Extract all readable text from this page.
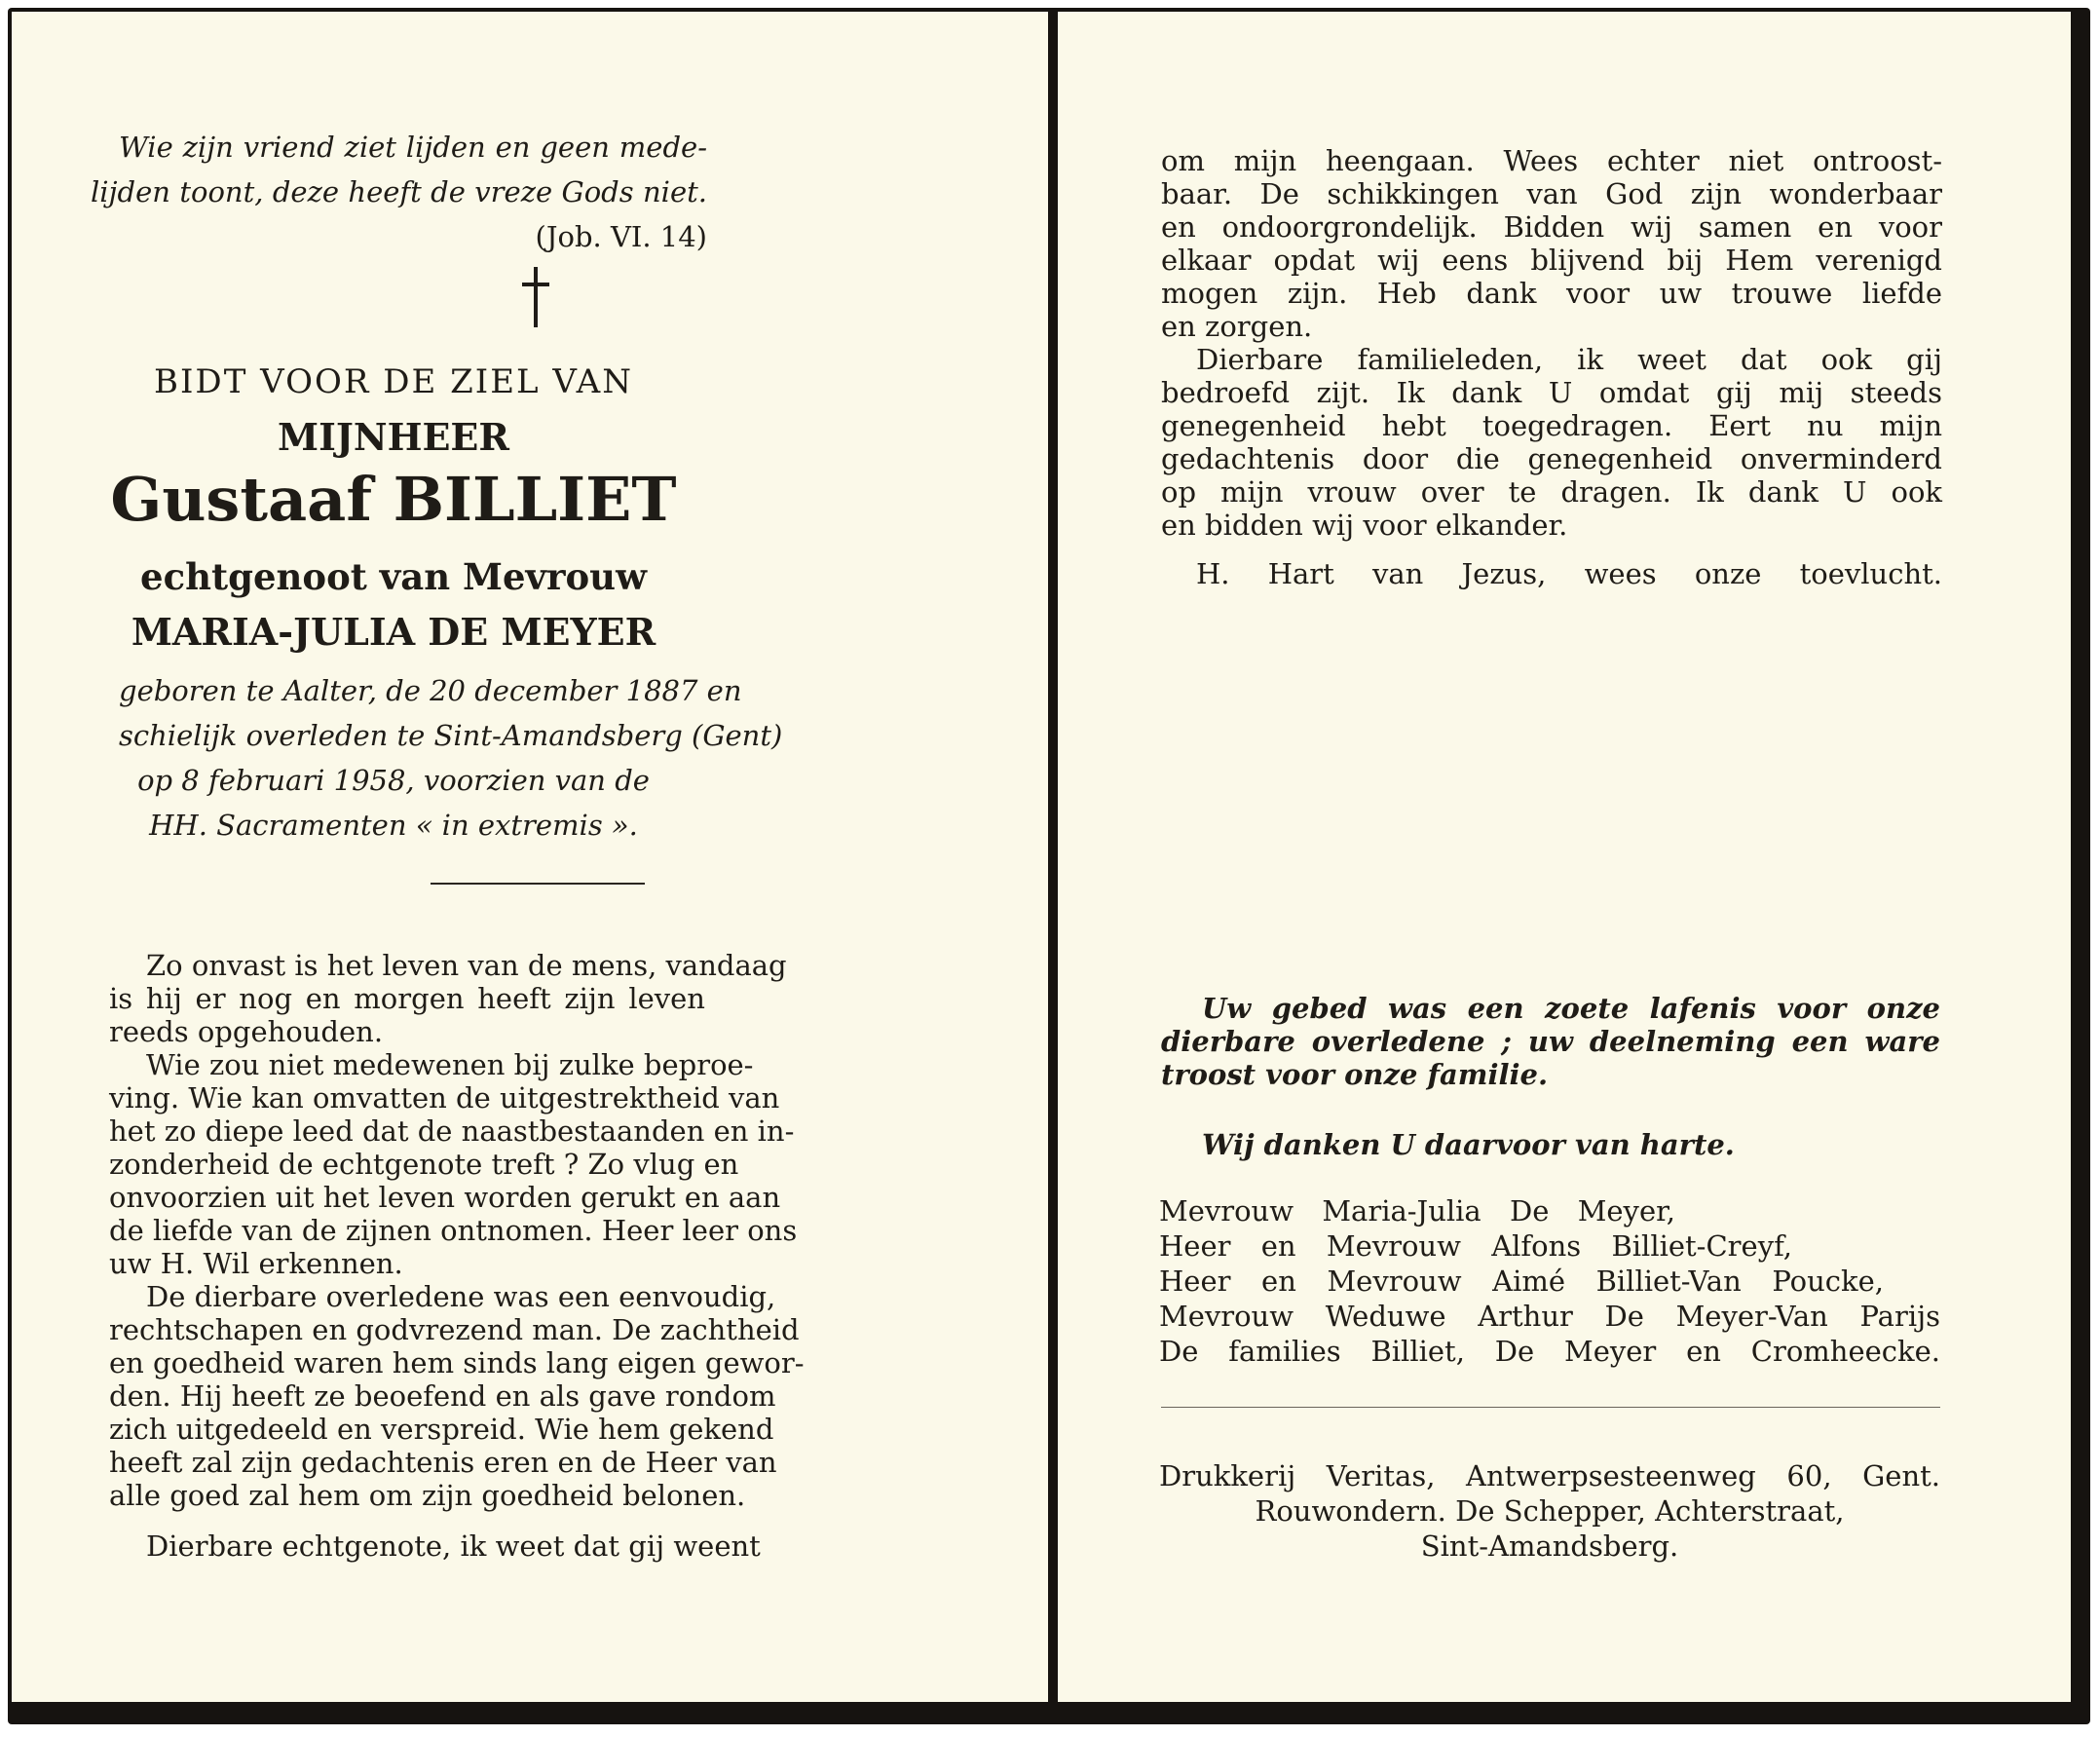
Wie zijn vriend ziet lijden en geen mede-
lijden toont, deze heeft de vreze Gods niet.
(Job. VI. 14)
BIDT VOOR DE ZIEL VAN
MIJNHEER
Gustaaf BILLIET
echtgenoot van Mevrouw
MARIA-JULIA DE MEYER
geboren te Aalter, de 20 december 1887 en
schielijk overleden te Sint-Amandsberg (Gent)
op 8 februari 1958, voorzien van de
HH. Sacramenten « in extremis ».
Zo onvast is het leven van de mens, vandaag
is hij er nog en morgen heeft zijn leven
reeds opgehouden.
Wie zou niet medewenen bij zulke beproe-
ving. Wie kan omvatten de uitgestrektheid van
het zo diepe leed dat de naastbestaanden en in-
zonderheid de echtgenote treft ? Zo vlug en
onvoorzien uit het leven worden gerukt en aan
de liefde van de zijnen ontnomen. Heer leer ons
uw H. Wil erkennen.
De dierbare overledene was een eenvoudig,
rechtschapen en godvrezend man. De zachtheid
en goedheid waren hem sinds lang eigen gewor-
den. Hij heeft ze beoefend en als gave rondom
zich uitgedeeld en verspreid. Wie hem gekend
heeft zal zijn gedachtenis eren en de Heer van
alle goed zal hem om zijn goedheid belonen.
Dierbare echtgenote, ik weet dat gij weent
om mijn heengaan. Wees echter niet ontroost-
baar. De schikkingen van God zijn wonderbaar
en ondoorgrondelijk. Bidden wij samen en voor
elkaar opdat wij eens blijvend bij Hem verenigd
mogen zijn. Heb dank voor uw trouwe liefde
en zorgen.
Dierbare familieleden, ik weet dat ook gij
bedroefd zijt. Ik dank U omdat gij mij steeds
genegenheid hebt toegedragen. Eert nu mijn
gedachtenis door die genegenheid onverminderd
op mijn vrouw over te dragen. Ik dank U ook
en bidden wij voor elkander.
H. Hart van Jezus, wees onze toevlucht.
Uw gebed was een zoete lafenis voor onze
dierbare overledene ; uw deelneming een ware
troost voor onze familie.
Wij danken U daarvoor van harte.
Mevrouw Maria-Julia De Meyer,
Heer en Mevrouw Alfons Billiet-Creyf,
Heer en Mevrouw Aimé Billiet-Van Poucke,
Mevrouw Weduwe Arthur De Meyer-Van Parijs
De families Billiet, De Meyer en Cromheecke.
Drukkerij Veritas, Antwerpsesteenweg 60, Gent.
Rouwondern. De Schepper, Achterstraat,
Sint-Amandsberg.
